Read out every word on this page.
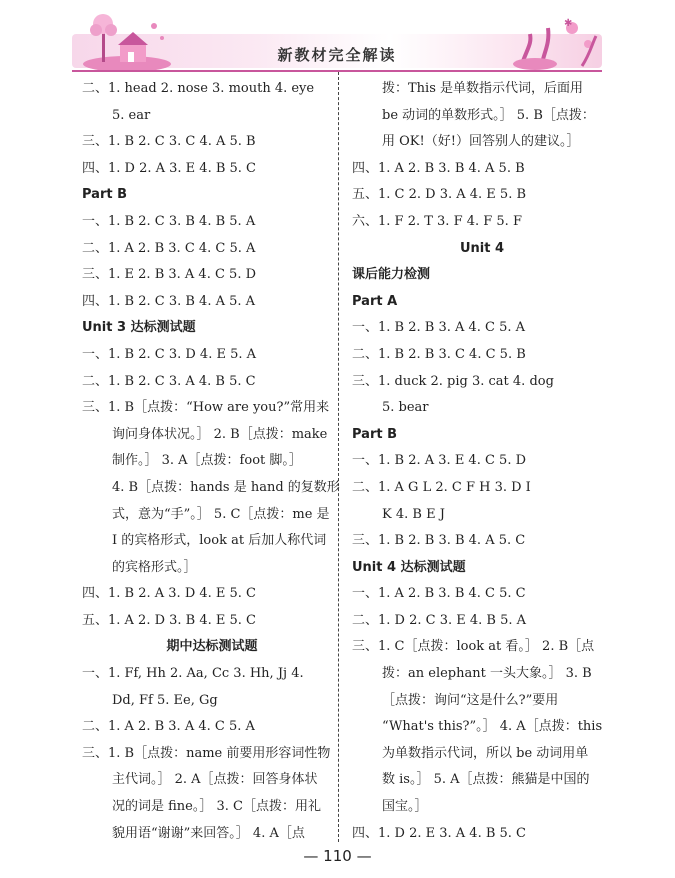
✱
新教材完全解读
二、1. head 2. nose 3. mouth 4. eye
5. ear
三、1. B 2. C 3. C 4. A 5. B
四、1. D 2. A 3. E 4. B 5. C
Part B
一、1. B 2. C 3. B 4. B 5. A
二、1. A 2. B 3. C 4. C 5. A
三、1. E 2. B 3. A 4. C 5. D
四、1. B 2. C 3. B 4. A 5. A
Unit 3 达标测试题
一、1. B 2. C 3. D 4. E 5. A
二、1. B 2. C 3. A 4. B 5. C
三、1. B［点拨：“How are you?”常用来
询问身体状况。］ 2. B［点拨：make
制作。］ 3. A［点拨：foot 脚。］
4. B［点拨：hands 是 hand 的复数形
式，意为“手”。］ 5. C［点拨：me 是
I 的宾格形式，look at 后加人称代词
的宾格形式。］
四、1. B 2. A 3. D 4. E 5. C
五、1. A 2. D 3. B 4. E 5. C
期中达标测试题
一、1. Ff, Hh 2. Aa, Cc 3. Hh, Jj 4.
Dd, Ff 5. Ee, Gg
二、1. A 2. B 3. A 4. C 5. A
三、1. B［点拨：name 前要用形容词性物
主代词。］ 2. A［点拨：回答身体状
况的词是 fine。］ 3. C［点拨：用礼
貌用语“谢谢”来回答。］ 4. A［点
拨：This 是单数指示代词，后面用
be 动词的单数形式。］ 5. B［点拨：
用 OK!（好!）回答别人的建议。］
四、1. A 2. B 3. B 4. A 5. B
五、1. C 2. D 3. A 4. E 5. B
六、1. F 2. T 3. F 4. F 5. F
Unit 4
课后能力检测
Part A
一、1. B 2. B 3. A 4. C 5. A
二、1. B 2. B 3. C 4. C 5. B
三、1. duck 2. pig 3. cat 4. dog
5. bear
Part B
一、1. B 2. A 3. E 4. C 5. D
二、1. A G L 2. C F H 3. D I
K 4. B E J
三、1. B 2. B 3. B 4. A 5. C
Unit 4 达标测试题
一、1. A 2. B 3. B 4. C 5. C
二、1. D 2. C 3. E 4. B 5. A
三、1. C［点拨：look at 看。］ 2. B［点
拨：an elephant 一头大象。］ 3. B
［点拨：询问“这是什么?”要用
“What's this?”。］ 4. A［点拨：this
为单数指示代词，所以 be 动词用单
数 is。］ 5. A［点拨：熊猫是中国的
国宝。］
四、1. D 2. E 3. A 4. B 5. C
— 110 —
